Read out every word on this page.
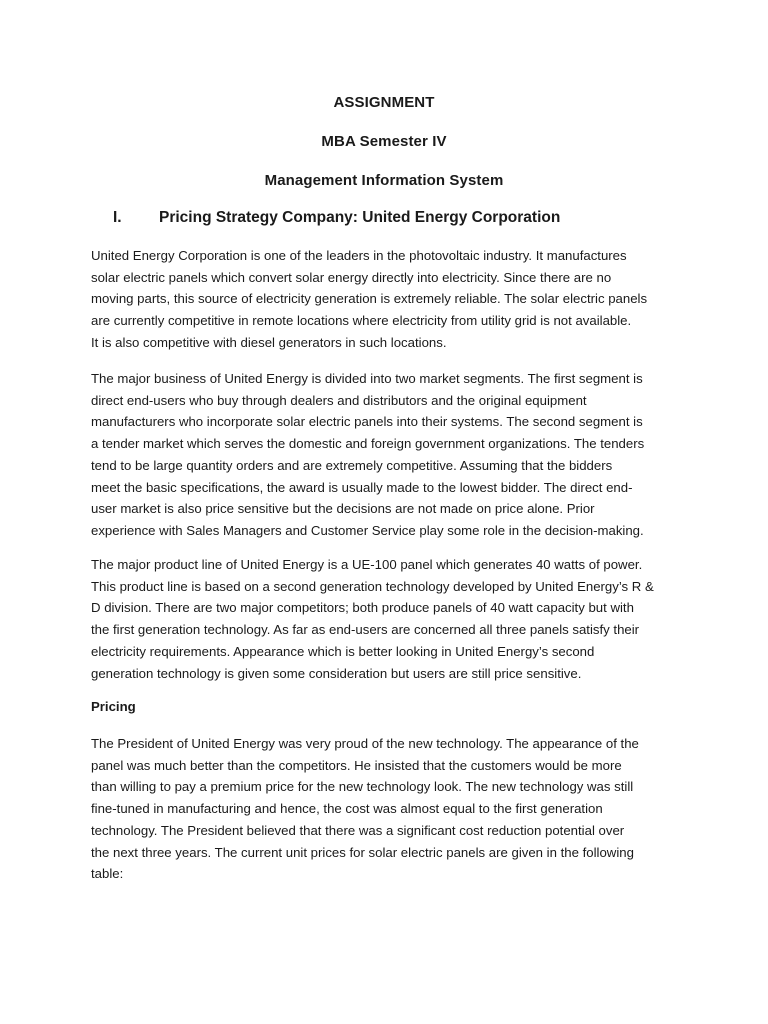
ASSIGNMENT
MBA Semester IV
Management Information System
I. Pricing Strategy Company: United Energy Corporation

United Energy Corporation is one of the leaders in the photovoltaic industry. It manufactures
solar electric panels which convert solar energy directly into electricity. Since there are no
moving parts, this source of electricity generation is extremely reliable. The solar electric panels
are currently competitive in remote locations where electricity from utility grid is not available.
It is also competitive with diesel generators in such locations.

The major business of United Energy is divided into two market segments. The first segment is
direct end-users who buy through dealers and distributors and the original equipment
manufacturers who incorporate solar electric panels into their systems. The second segment is
a tender market which serves the domestic and foreign government organizations. The tenders
tend to be large quantity orders and are extremely competitive. Assuming that the bidders
meet the basic specifications, the award is usually made to the lowest bidder. The direct end-
user market is also price sensitive but the decisions are not made on price alone. Prior
experience with Sales Managers and Customer Service play some role in the decision-making.

The major product line of United Energy is a UE-100 panel which generates 40 watts of power.
This product line is based on a second generation technology developed by United Energy’s R &
D division. There are two major competitors; both produce panels of 40 watt capacity but with
the first generation technology. As far as end-users are concerned all three panels satisfy their
electricity requirements. Appearance which is better looking in United Energy’s second
generation technology is given some consideration but users are still price sensitive.

Pricing

The President of United Energy was very proud of the new technology. The appearance of the
panel was much better than the competitors. He insisted that the customers would be more
than willing to pay a premium price for the new technology look. The new technology was still
fine-tuned in manufacturing and hence, the cost was almost equal to the first generation
technology. The President believed that there was a significant cost reduction potential over
the next three years. The current unit prices for solar electric panels are given in the following
table:
